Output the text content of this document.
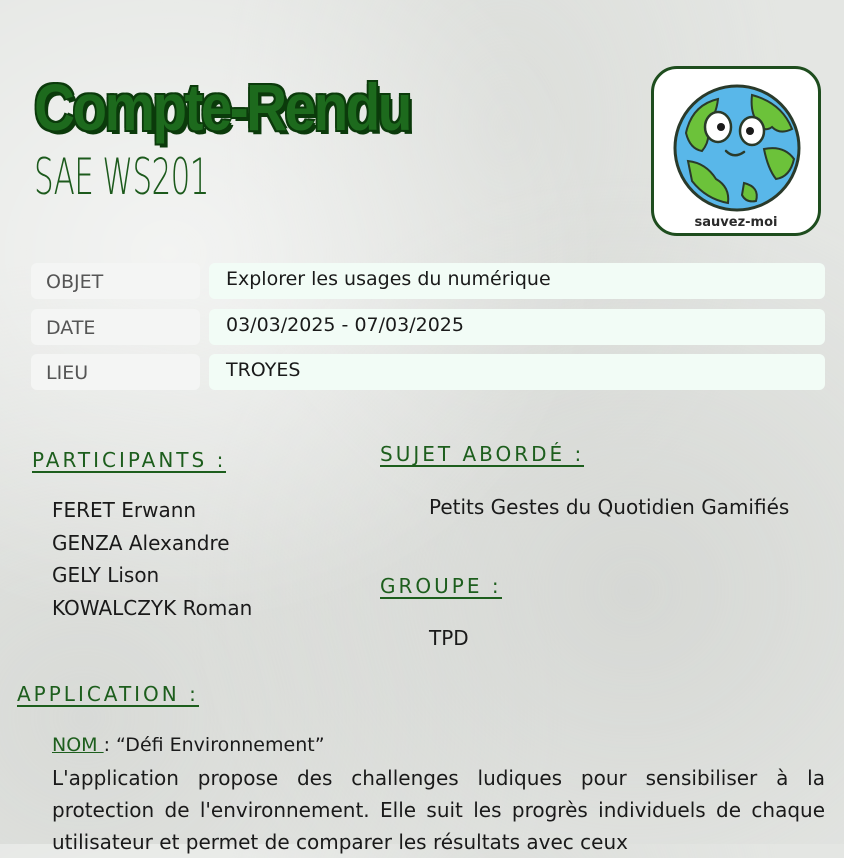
Compte-Rendu
SAE WS201
sauvez-moi
OBJET	Explorer les usages du numérique
DATE	03/03/2025 - 07/03/2025
LIEU	TROYES
PARTICIPANTS :
FERET Erwann
GENZA Alexandre
GELY Lison
KOWALCZYK Roman
SUJET ABORDÉ :
Petits Gestes du Quotidien Gamifiés
GROUPE :
TPD
APPLICATION :
NOM : “Défi Environnement”
L'application propose des challenges ludiques pour sensibiliser à la protection de l'environnement. Elle suit les progrès individuels de chaque utilisateur et permet de comparer les résultats avec ceux
